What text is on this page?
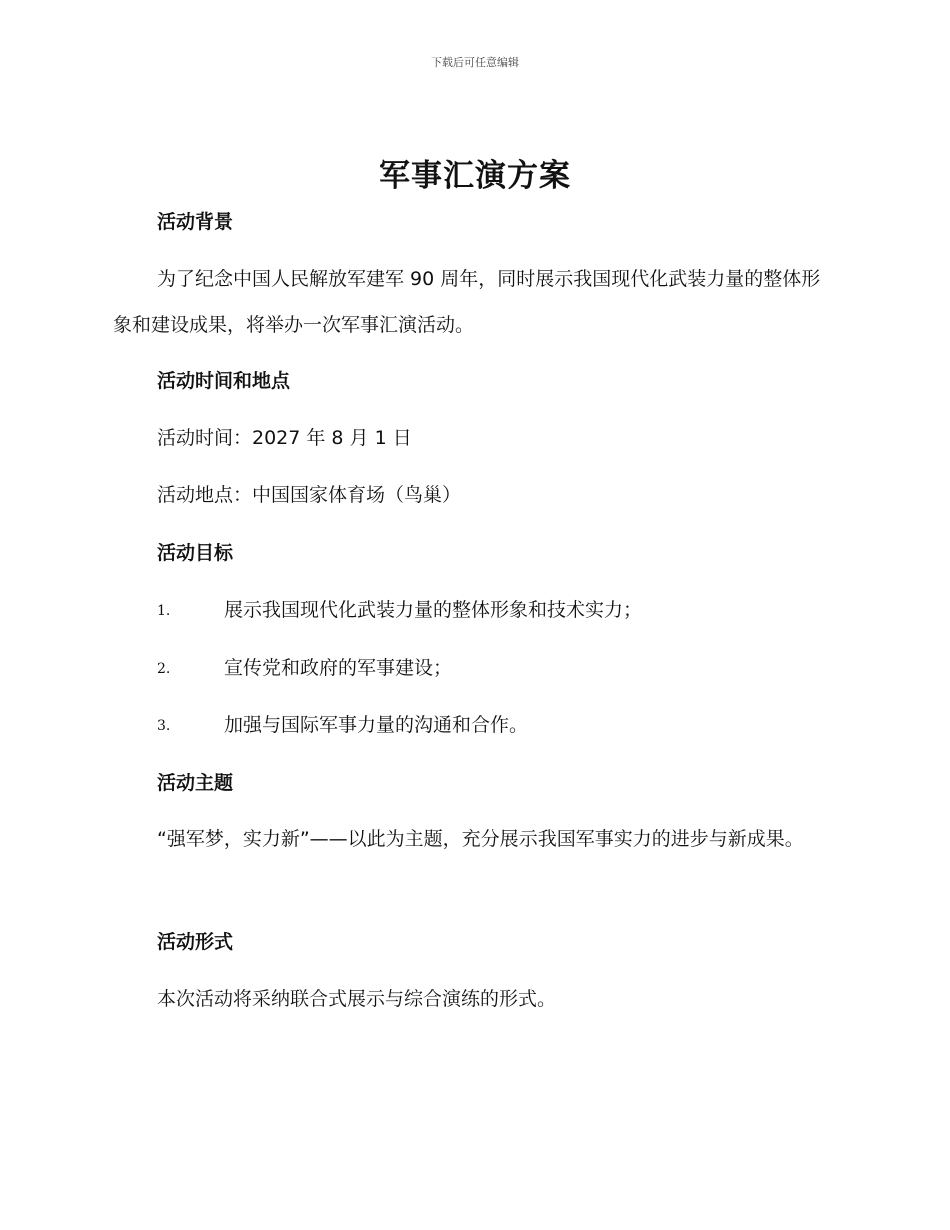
下载后可任意编辑
军事汇演方案
活动背景
为了纪念中国人民解放军建军 90 周年，同时展示我国现代化武装力量的整体形象和建设成果，将举办一次军事汇演活动。
活动时间和地点
活动时间：2027 年 8 月 1 日
活动地点：中国国家体育场（鸟巢）
活动目标
1.	展示我国现代化武装力量的整体形象和技术实力；
2.	宣传党和政府的军事建设；
3.	加强与国际军事力量的沟通和合作。
活动主题
“强军梦，实力新”——以此为主题，充分展示我国军事实力的进步与新成果。
活动形式
本次活动将采纳联合式展示与综合演练的形式。
